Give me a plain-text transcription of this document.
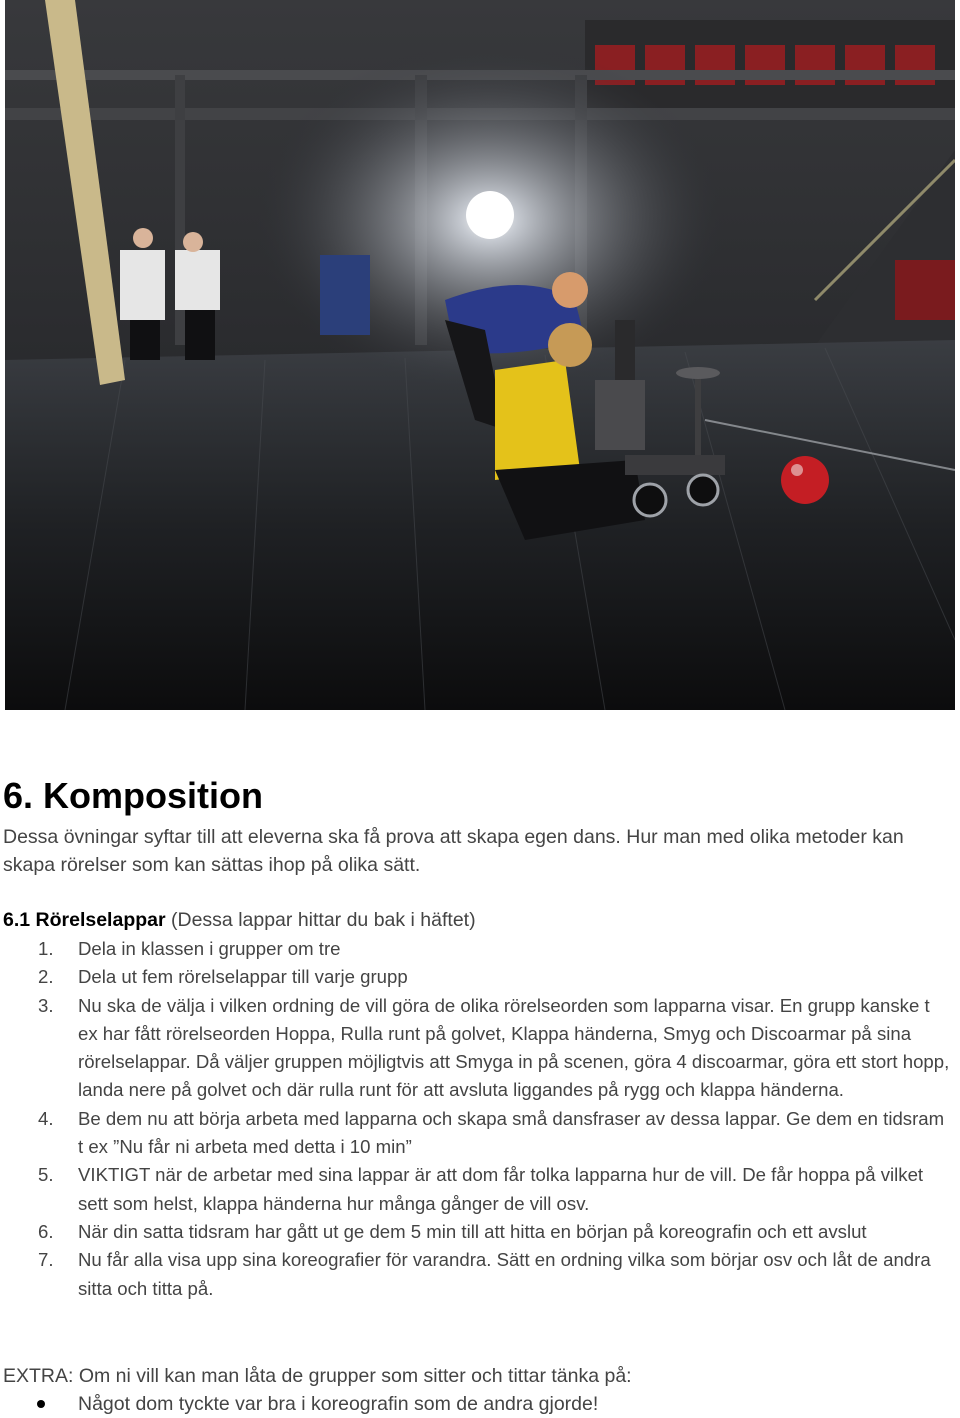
6. Komposition

Dessa övningar syftar till att eleverna ska få prova att skapa egen dans. Hur man med olika metoder kan skapa rörelser som kan sättas ihop på olika sätt.

6.1 Rörelselappar (Dessa lappar hittar du bak i häftet)

1. Dela in klassen i grupper om tre
2. Dela ut fem rörelselappar till varje grupp
3. Nu ska de välja i vilken ordning de vill göra de olika rörelseorden som lapparna visar. En grupp kanske t ex har fått rörelseorden Hoppa, Rulla runt på golvet, Klappa händerna, Smyg och Discoarmar på sina rörelselappar. Då väljer gruppen möjligtvis att Smyga in på scenen, göra 4 discoarmar, göra ett stort hopp, landa nere på golvet och där rulla runt för att avsluta liggandes på rygg och klappa händerna.
4. Be dem nu att börja arbeta med lapparna och skapa små dansfraser av dessa lappar. Ge dem en tidsram t ex ”Nu får ni arbeta med detta i 10 min”
5. VIKTIGT när de arbetar med sina lappar är att dom får tolka lapparna hur de vill. De får hoppa på vilket sett som helst, klappa händerna hur många gånger de vill osv.
6. När din satta tidsram har gått ut ge dem 5 min till att hitta en början på koreografin och ett avslut
7. Nu får alla visa upp sina koreografier för varandra. Sätt en ordning vilka som börjar osv och låt de andra sitta och titta på.

EXTRA: Om ni vill kan man låta de grupper som sitter och tittar tänka på:

Något dom tyckte var bra i koreografin som de andra gjorde!
